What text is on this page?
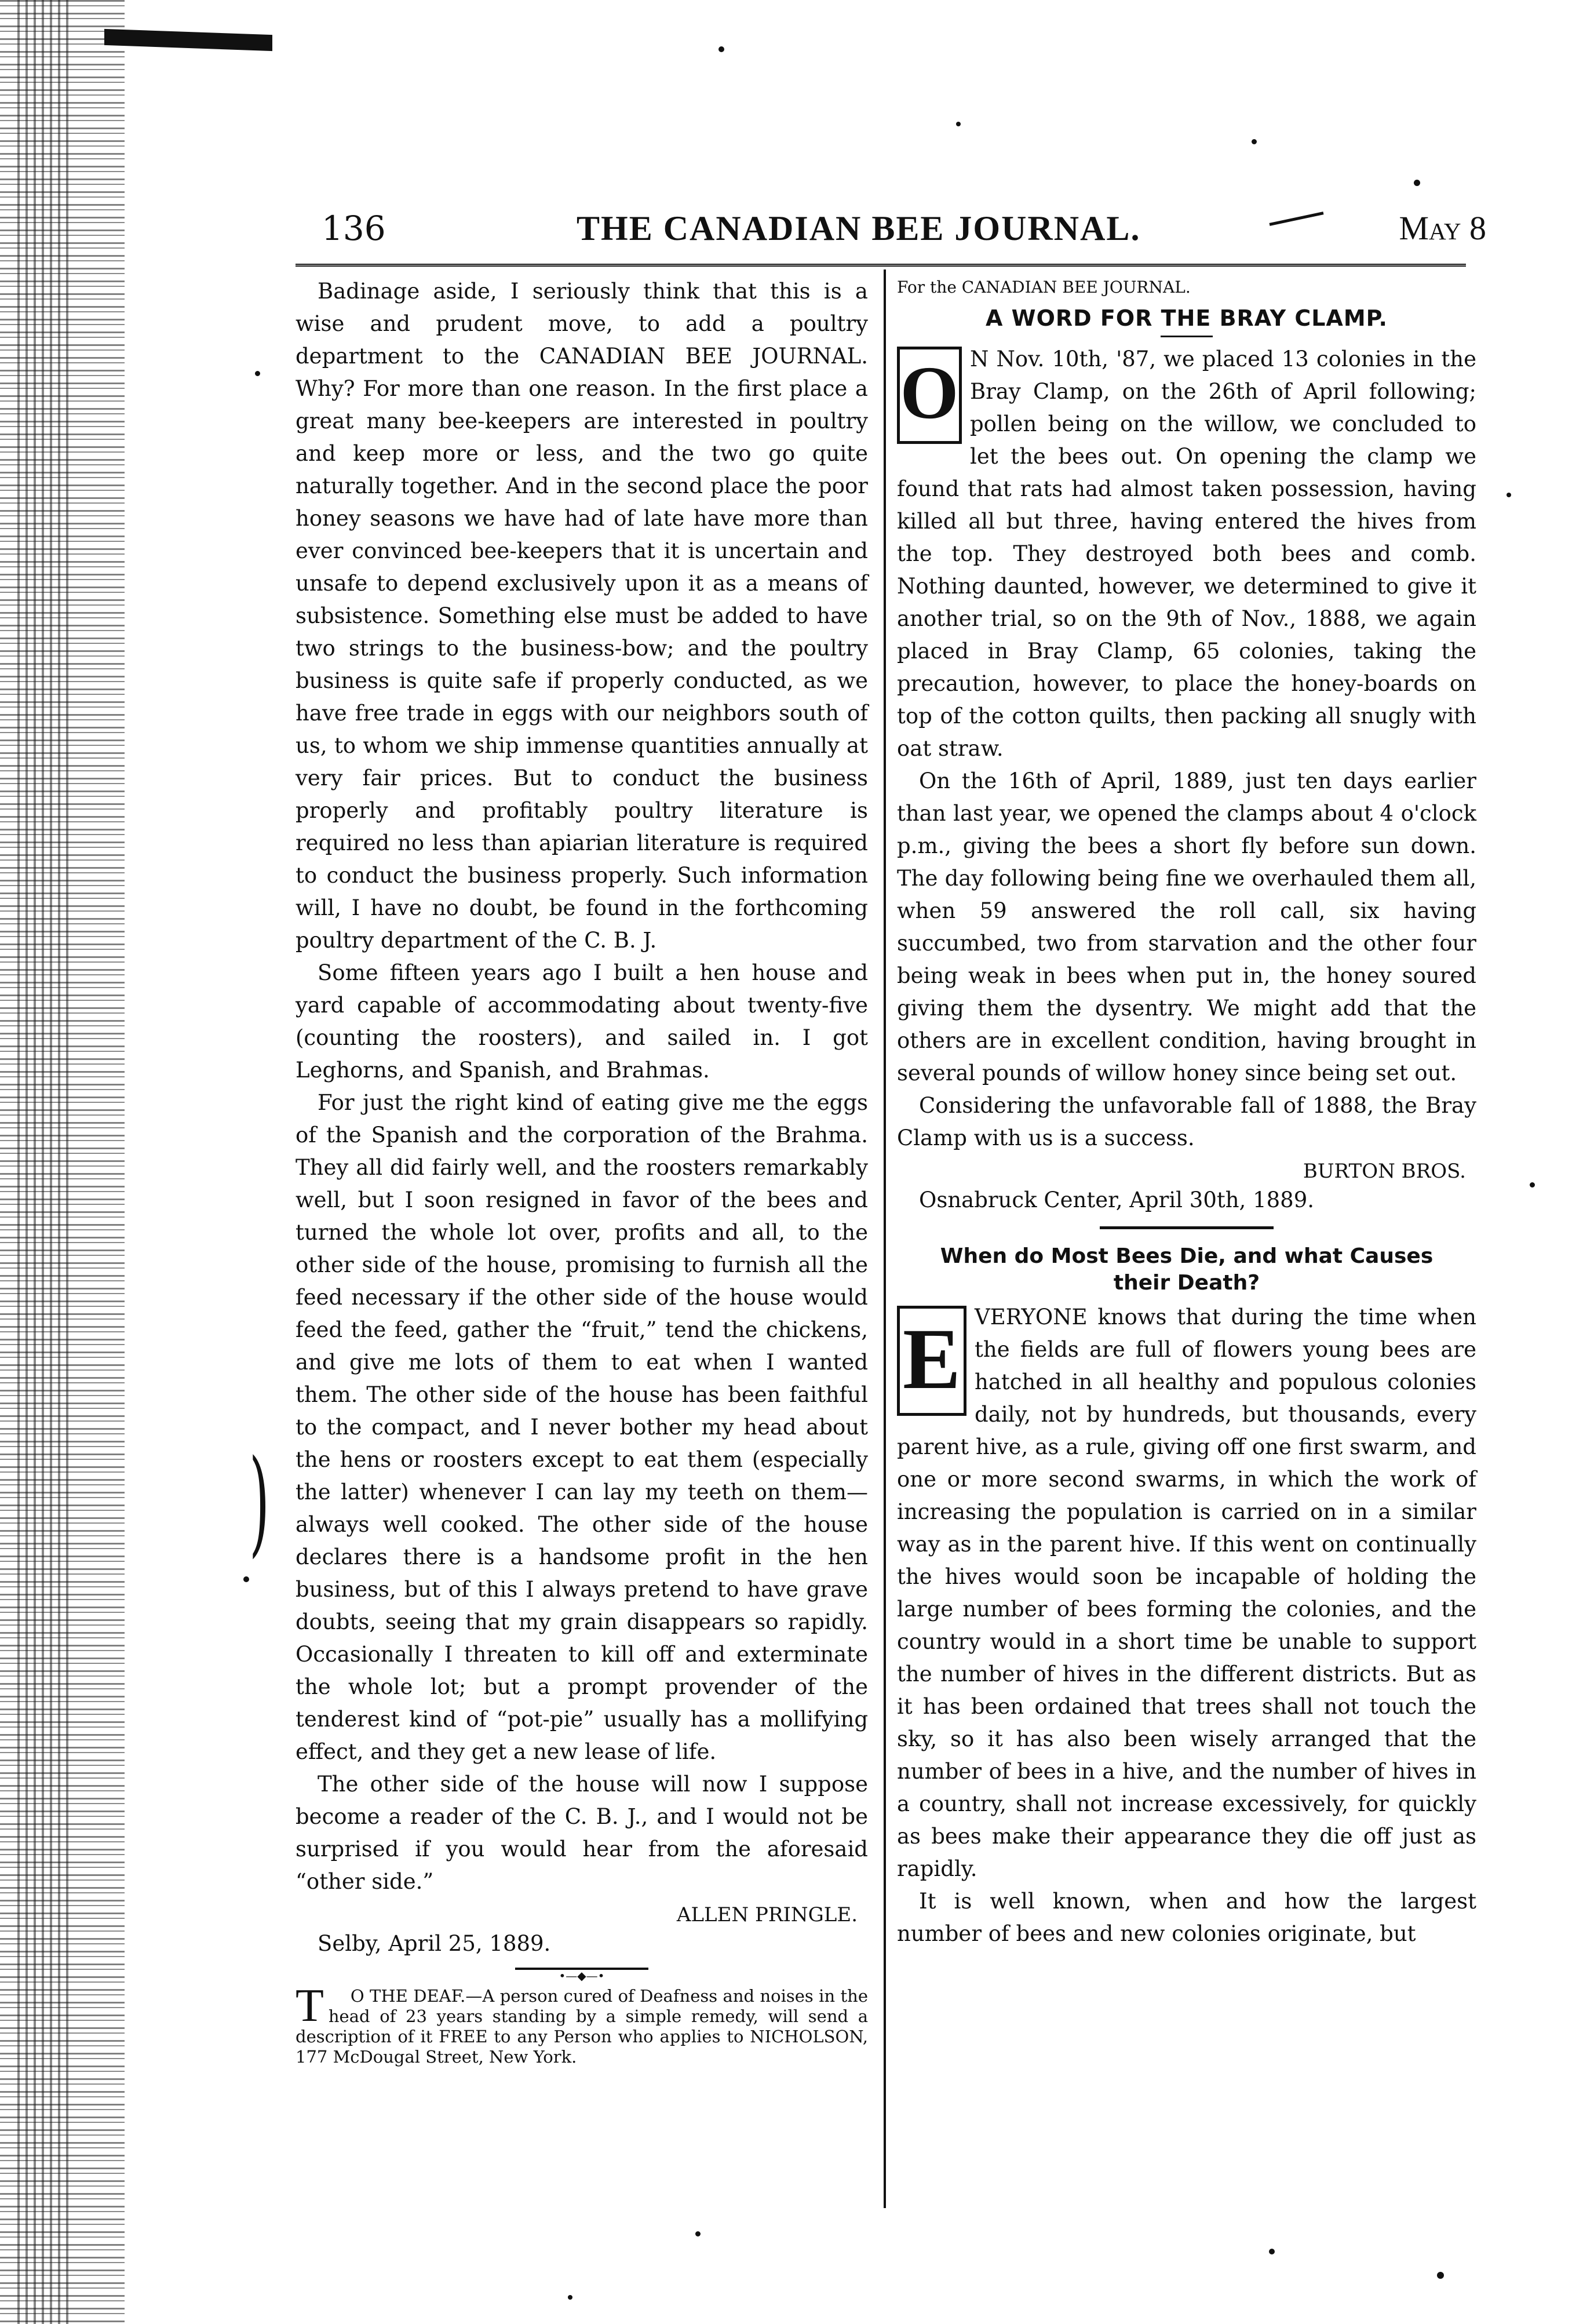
136	THE CANADIAN BEE JOURNAL.	May 8

Badinage aside, I seriously think that this is a wise and prudent move, to add a poultry department to the CANADIAN BEE JOURNAL. Why? For more than one reason. In the first place a great many bee-keepers are interested in poultry and keep more or less, and the two go quite naturally together. And in the second place the poor honey seasons we have had of late have more than ever convinced bee-keepers that it is uncertain and unsafe to depend exclusively upon it as a means of subsistence. Something else must be added to have two strings to the business-bow; and the poultry business is quite safe if properly conducted, as we have free trade in eggs with our neighbors south of us, to whom we ship immense quantities annually at very fair prices. But to conduct the business properly and profitably poultry literature is required no less than apiarian literature is required to conduct the business properly. Such information will, I have no doubt, be found in the forthcoming poultry department of the C. B. J.

Some fifteen years ago I built a hen house and yard capable of accommodating about twenty-five (counting the roosters), and sailed in. I got Leghorns, and Spanish, and Brahmas.

For just the right kind of eating give me the eggs of the Spanish and the corporation of the Brahma. They all did fairly well, and the roosters remarkably well, but I soon resigned in favor of the bees and turned the whole lot over, profits and all, to the other side of the house, promising to furnish all the feed necessary if the other side of the house would feed the feed, gather the “fruit,” tend the chickens, and give me lots of them to eat when I wanted them. The other side of the house has been faithful to the compact, and I never bother my head about the hens or roosters except to eat them (especially the latter) whenever I can lay my teeth on them—always well cooked. The other side of the house declares there is a handsome profit in the hen business, but of this I always pretend to have grave doubts, seeing that my grain disappears so rapidly. Occasionally I threaten to kill off and exterminate the whole lot; but a prompt provender of the tenderest kind of “pot-pie” usually has a mollifying effect, and they get a new lease of life.

The other side of the house will now I suppose become a reader of the C. B. J., and I would not be surprised if you would hear from the aforesaid “other side.”

ALLEN PRINGLE.
Selby, April 25, 1889.
•—◆—•
T	O THE DEAF.—A person cured of Deafness and noises in the head of 23 years standing by a simple remedy, will send a description of it FREE to any Person who applies to NICHOLSON, 177 McDougal Street, New York.

For the CANADIAN BEE JOURNAL.

A WORD FOR THE BRAY CLAMP.
O N Nov. 10th, '87, we placed 13 colonies in the Bray Clamp, on the 26th of April following; pollen being on the willow, we concluded to let the bees out. On opening the clamp we found that rats had almost taken possession, having killed all but three, having entered the hives from the top. They destroyed both bees and comb. Nothing daunted, however, we determined to give it another trial, so on the 9th of Nov., 1888, we again placed in Bray Clamp, 65 colonies, taking the precaution, however, to place the honey-boards on top of the cotton quilts, then packing all snugly with oat straw.

On the 16th of April, 1889, just ten days earlier than last year, we opened the clamps about 4 o'clock p.m., giving the bees a short fly before sun down. The day following being fine we overhauled them all, when 59 answered the roll call, six having succumbed, two from starvation and the other four being weak in bees when put in, the honey soured giving them the dysentry. We might add that the others are in excellent condition, having brought in several pounds of willow honey since being set out.

Considering the unfavorable fall of 1888, the Bray Clamp with us is a success.

BURTON BROS.
Osnabruck Center, April 30th, 1889.
When do Most Bees Die, and what Causes their Death?
E VERYONE knows that during the time when the fields are full of flowers young bees are hatched in all healthy and populous colonies daily, not by hundreds, but thousands, every parent hive, as a rule, giving off one first swarm, and one or more second swarms, in which the work of increasing the population is carried on in a similar way as in the parent hive. If this went on continually the hives would soon be incapable of holding the large number of bees forming the colonies, and the country would in a short time be unable to support the number of hives in the different districts. But as it has been ordained that trees shall not touch the sky, so it has also been wisely arranged that the number of bees in a hive, and the number of hives in a country, shall not increase excessively, for quickly as bees make their appearance they die off just as rapidly.

It is well known, when and how the largest number of bees and new colonies originate, but

)
